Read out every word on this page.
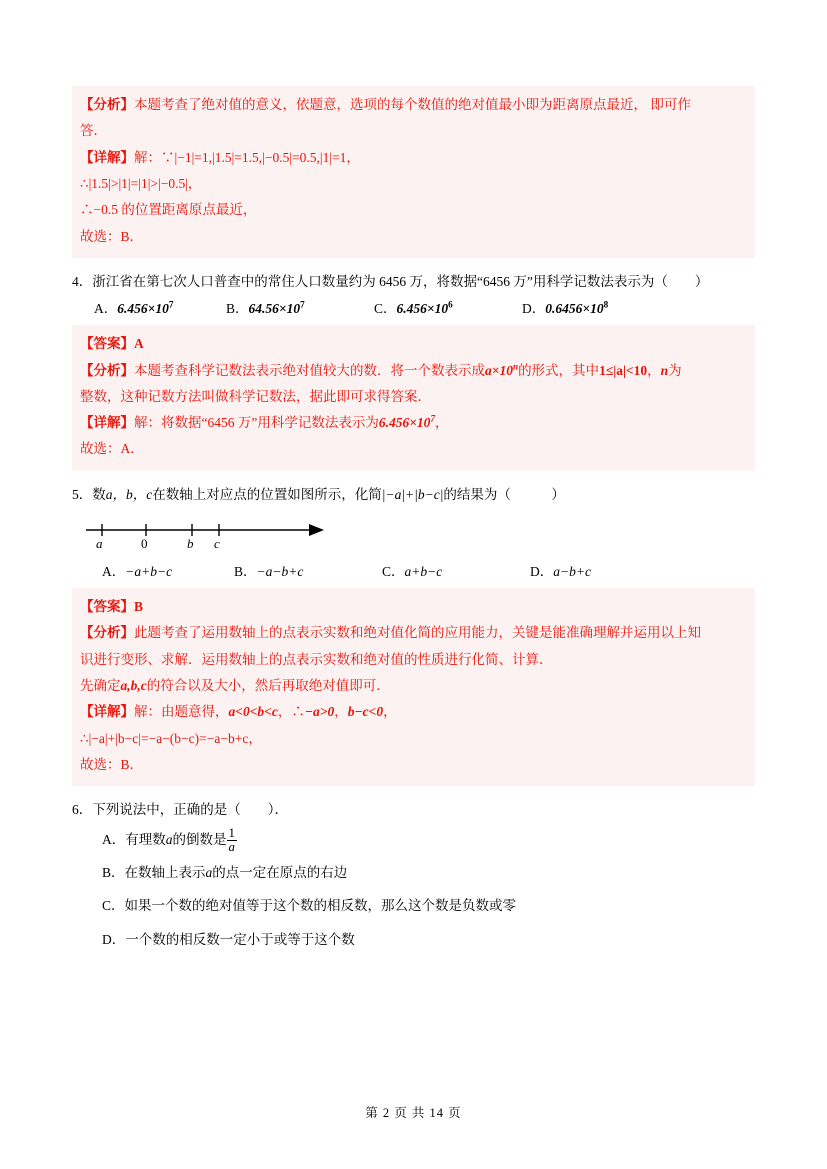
【分析】本题考查了绝对值的意义，依题意，选项的每个数值的绝对值最小即为距离原点最近， 即可作
答．
【详解】解：∵|−1|=1,|1.5|=1.5,|−0.5|=0.5,|1|=1，
∴|1.5|>|1|=|1|>|−0.5|，
∴−0.5 的位置距离原点最近，
故选：B．
4．浙江省在第七次人口普查中的常住人口数量约为 6456 万，将数据“6456 万”用科学记数法表示为（　　）
A．$6.456\times 10^7$	B．$64.56\times 10^7$	C．$6.456\times 10^6$	D．$0.6456\times 10^8$
【答案】A
【分析】本题考查科学记数法表示绝对值较大的数．将一个数表示成$a\times 10^n$的形式，其中1≤|a|<10，n为
整数，这种记数方法叫做科学记数法，据此即可求得答案．
【详解】解：将数据“6456 万”用科学记数法表示为$6.456\times 10^7$，
故选：A．
5．数a，b，c在数轴上对应点的位置如图所示，化简|−a|+|b−c|的结果为（　　　）
a	0	b c
A．−a+b−c	B．−a−b+c	C．a+b−c	D．a−b+c
【答案】B
【分析】此题考查了运用数轴上的点表示实数和绝对值化简的应用能力，关键是能准确理解并运用以上知
识进行变形、求解．运用数轴上的点表示实数和绝对值的性质进行化简、计算．
先确定a,b,c的符合以及大小，然后再取绝对值即可．
【详解】解：由题意得，a<0<b<c，∴−a>0，b−c<0，
∴|−a|+|b−c|=−a−(b−c)=−a−b+c，
故选：B．
6．下列说法中，正确的是（　　）．
A．有理数a的倒数是 $\frac{1}{a}$
B．在数轴上表示a的点一定在原点的右边
C．如果一个数的绝对值等于这个数的相反数，那么这个数是负数或零
D．一个数的相反数一定小于或等于这个数
第 2 页 共 14 页
